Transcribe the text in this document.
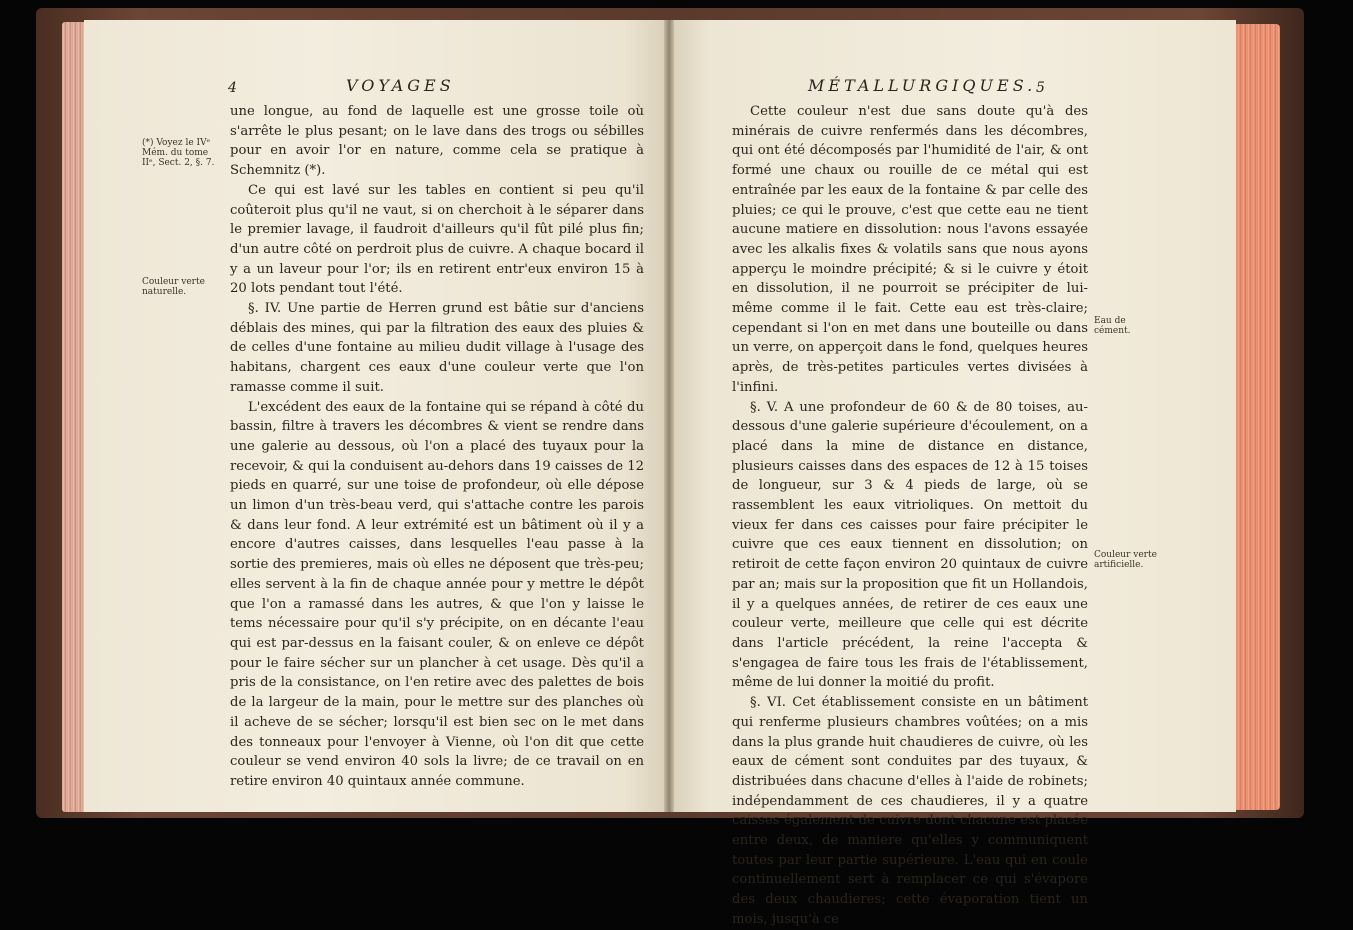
4	VOYAGES
(*) Voyez le IVᵉ Mém. du tome IIᵉ, Sect. 2, §. 7.
Couleur verte naturelle.

une longue, au fond de laquelle est une grosse toile où s'arrête le plus pesant; on le lave dans des trogs ou sébilles pour en avoir l'or en nature, comme cela se pratique à Schemnitz (*).

Ce qui est lavé sur les tables en contient si peu qu'il coûteroit plus qu'il ne vaut, si on cherchoit à le séparer dans le premier lavage, il faudroit d'ailleurs qu'il fût pilé plus fin; d'un autre côté on perdroit plus de cuivre. A chaque bocard il y a un laveur pour l'or; ils en retirent entr'eux environ 15 à 20 lots pendant tout l'été.

§. IV. Une partie de Herren grund est bâtie sur d'anciens déblais des mines, qui par la filtration des eaux des pluies & de celles d'une fontaine au milieu dudit village à l'usage des habitans, chargent ces eaux d'une couleur verte que l'on ramasse comme il suit.

L'excédent des eaux de la fontaine qui se répand à côté du bassin, filtre à travers les décombres & vient se rendre dans une galerie au dessous, où l'on a placé des tuyaux pour la recevoir, & qui la conduisent au-dehors dans 19 caisses de 12 pieds en quarré, sur une toise de profondeur, où elle dépose un limon d'un très-beau verd, qui s'attache contre les parois & dans leur fond. A leur extrémité est un bâtiment où il y a encore d'autres caisses, dans lesquelles l'eau passe à la sortie des premieres, mais où elles ne déposent que très-peu; elles servent à la fin de chaque année pour y mettre le dépôt que l'on a ramassé dans les autres, & que l'on y laisse le tems nécessaire pour qu'il s'y précipite, on en décante l'eau qui est par-dessus en la faisant couler, & on enleve ce dépôt pour le faire sécher sur un plancher à cet usage. Dès qu'il a pris de la consistance, on l'en retire avec des palettes de bois de la largeur de la main, pour le mettre sur des planches où il acheve de se sécher; lorsqu'il est bien sec on le met dans des tonneaux pour l'envoyer à Vienne, où l'on dit que cette couleur se vend environ 40 sols la livre; de ce travail on en retire environ 40 quintaux année commune.

MÉTALLURGIQUES. 5
Eau de cément.
Couleur verte artificielle.

Cette couleur n'est due sans doute qu'à des minérais de cuivre renfermés dans les décombres, qui ont été décomposés par l'humidité de l'air, & ont formé une chaux ou rouille de ce métal qui est entraînée par les eaux de la fontaine & par celle des pluies; ce qui le prouve, c'est que cette eau ne tient aucune matiere en dissolution: nous l'avons essayée avec les alkalis fixes & volatils sans que nous ayons apperçu le moindre précipité; & si le cuivre y étoit en dissolution, il ne pourroit se précipiter de lui-même comme il le fait. Cette eau est très-claire; cependant si l'on en met dans une bouteille ou dans un verre, on apperçoit dans le fond, quelques heures après, de très-petites particules vertes divisées à l'infini.

§. V. A une profondeur de 60 & de 80 toises, au-dessous d'une galerie supérieure d'écoulement, on a placé dans la mine de distance en distance, plusieurs caisses dans des espaces de 12 à 15 toises de longueur, sur 3 & 4 pieds de large, où se rassemblent les eaux vitrioliques. On mettoit du vieux fer dans ces caisses pour faire précipiter le cuivre que ces eaux tiennent en dissolution; on retiroit de cette façon environ 20 quintaux de cuivre par an; mais sur la proposition que fit un Hollandois, il y a quelques années, de retirer de ces eaux une couleur verte, meilleure que celle qui est décrite dans l'article précédent, la reine l'accepta & s'engagea de faire tous les frais de l'établissement, même de lui donner la moitié du profit.

§. VI. Cet établissement consiste en un bâtiment qui renferme plusieurs chambres voûtées; on a mis dans la plus grande huit chaudieres de cuivre, où les eaux de cément sont conduites par des tuyaux, & distribuées dans chacune d'elles à l'aide de robinets; indépendamment de ces chaudieres, il y a quatre caisses également de cuivre dont chacune est placée entre deux, de maniere qu'elles y communiquent toutes par leur partie supérieure. L'eau qui en coule continuellement sert à remplacer ce qui s'évapore des deux chaudieres; cette évaporation tient un mois, jusqu'à ce
